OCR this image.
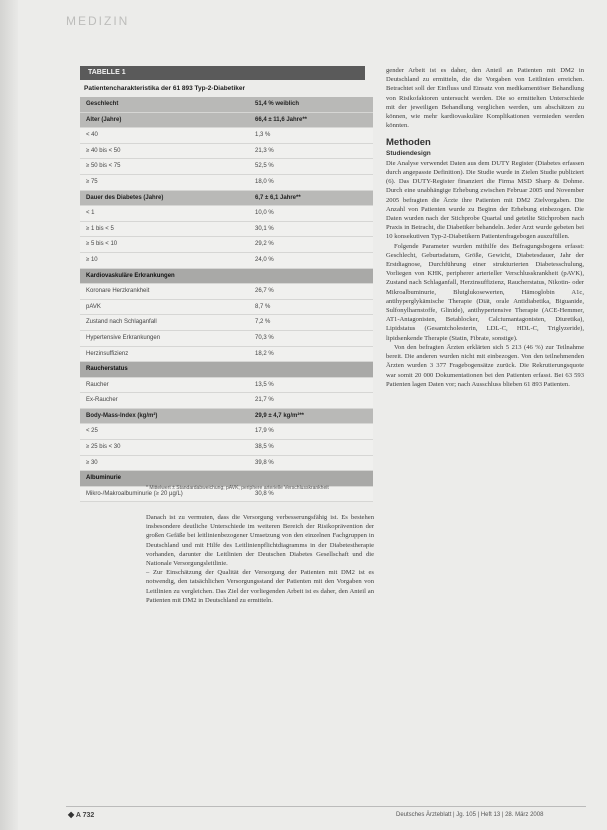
MEDIZIN
TABELLE 1
Patientencharakteristika der 61 893 Typ-2-Diabetiker
Geschlecht	51,4 % weiblich
Alter (Jahre)	66,4 ± 11,6 Jahre**
< 40	1,3 %
≥ 40 bis < 50	21,3 %
≥ 50 bis < 75	52,5 %
≥ 75	18,0 %
Dauer des Diabetes (Jahre)	6,7 ± 6,1 Jahre**
< 1	10,0 %
≥ 1 bis < 5	30,1 %
≥ 5 bis < 10	29,2 %
≥ 10	24,0 %
Kardiovaskuläre Erkrankungen
Koronare Herzkrankheit	26,7 %
pAVK	8,7 %
Zustand nach Schlaganfall	7,2 %
Hypertensive Erkrankungen	70,3 %
Herzinsuffizienz	18,2 %
Raucherstatus
Raucher	13,5 %
Ex-Raucher	21,7 %
Body-Mass-Index (kg/m²)	29,9 ± 4,7 kg/m²**
< 25	17,9 %
≥ 25 bis < 30	38,5 %
≥ 30	39,8 %
Albuminurie
Mikro-/Makroalbuminurie (≥ 20 µg/L)	30,8 %
* Mittelwert ± Standardabweichung; pAVK, periphere arterielle Verschlusskrankheit

Danach ist zu vermuten, dass die Versorgung verbesserungsfähig ist. Es bestehen insbesondere deutliche Unterschiede im weiteren Bereich der Risikoprävention der großen Gefäße bei leitlinienbezogener Umsetzung von den einzelnen Fachgruppen in Deutschland und mit Hilfe des Leitlinienpflichtdiagramms in der Diabetestherapie vorhanden, darunter die Leitlinien der Deutschen Diabetes Gesellschaft und die Nationale Versorgungsleitlinie.

– Zur Einschätzung der Qualität der Versorgung der Patienten mit DM2 ist es notwendig, den tatsächlichen Versorgungsstand der Patienten mit den Vorgaben von Leitlinien zu vergleichen. Das Ziel der vorliegenden Arbeit ist es daher, den Anteil an Patienten mit DM2 in Deutschland zu ermitteln.

gender Arbeit ist es daher, den Anteil an Patienten mit DM2 in Deutschland zu ermitteln, die die Vorgaben von Leitlinien erreichen. Betrachtet soll der Einfluss und Einsatz von medikamentöser Behandlung von Risikofaktoren untersucht werden. Die so ermittelten Unterschiede mit der jeweiligen Behandlung verglichen werden, um abschätzen zu können, wie mehr kardiovaskuläre Komplikationen vermieden werden könnten.

Methoden
Studiendesign

Die Analyse verwendet Daten aus dem DUTY Register (Diabetes erfassen durch angepasste Definition). Die Studie wurde in Zielen Studie publiziert (6). Das DUTY-Register finanziert die Firma MSD Sharp & Dohme. Durch eine unabhängige Erhebung zwischen Februar 2005 und November 2005 befragten die Ärzte ihre Patienten mit DM2 Zielvorgaben. Die Anzahl von Patienten wurde zu Beginn der Erhebung einbezogen. Die Daten wurden nach der Stichprobe Quartal und geteilte Stichproben nach Praxis in Betracht, die Diabetiker behandeln. Jeder Arzt wurde gebeten bei 10 konsekutiven Typ-2-Diabetikern Patientenfragebogen auszufüllen.

Folgende Parameter wurden mithilfe des Befragungsbogens erfasst: Geschlecht, Geburtsdatum, Größe, Gewicht, Diabetesdauer, Jahr der Erstdiagnose, Durchführung einer strukturierten Diabetesschulung, Vorliegen von KHK, peripherer arterieller Verschlusskrankheit (pAVK), Zustand nach Schlaganfall, Herzinsuffizienz, Raucherstatus, Nikotin- oder Mikroalbuminurie, Blutglukosewerten, Hämoglobin A1c, antihyperglykämische Therapie (Diät, orale Antidiabetika, Biguanide, Sulfonylharnstoffe, Glinide), antihypertensive Therapie (ACE-Hemmer, AT1-Antagonisten, Betablocker, Calciumantagonisten, Diuretika), Lipidstatus (Gesamtcholesterin, LDL-C, HDL-C, Triglyzeride), lipidsenkende Therapie (Statin, Fibrate, sonstige).

Von den befragten Ärzten erklärten sich 5 213 (46 %) zur Teilnahme bereit. Die anderen wurden nicht mit einbezogen. Von den teilnehmenden Ärzten wurden 3 377 Fragebogensätze zurück. Die Rekrutierungsquote war somit 20 000 Dokumentationen bei den Patienten erfasst. Bei 63 593 Patienten lagen Daten vor; nach Ausschluss blieben 61 893 Patienten.

◆ A 732	Deutsches Ärzteblatt | Jg. 105 | Heft 13 | 28. März 2008
